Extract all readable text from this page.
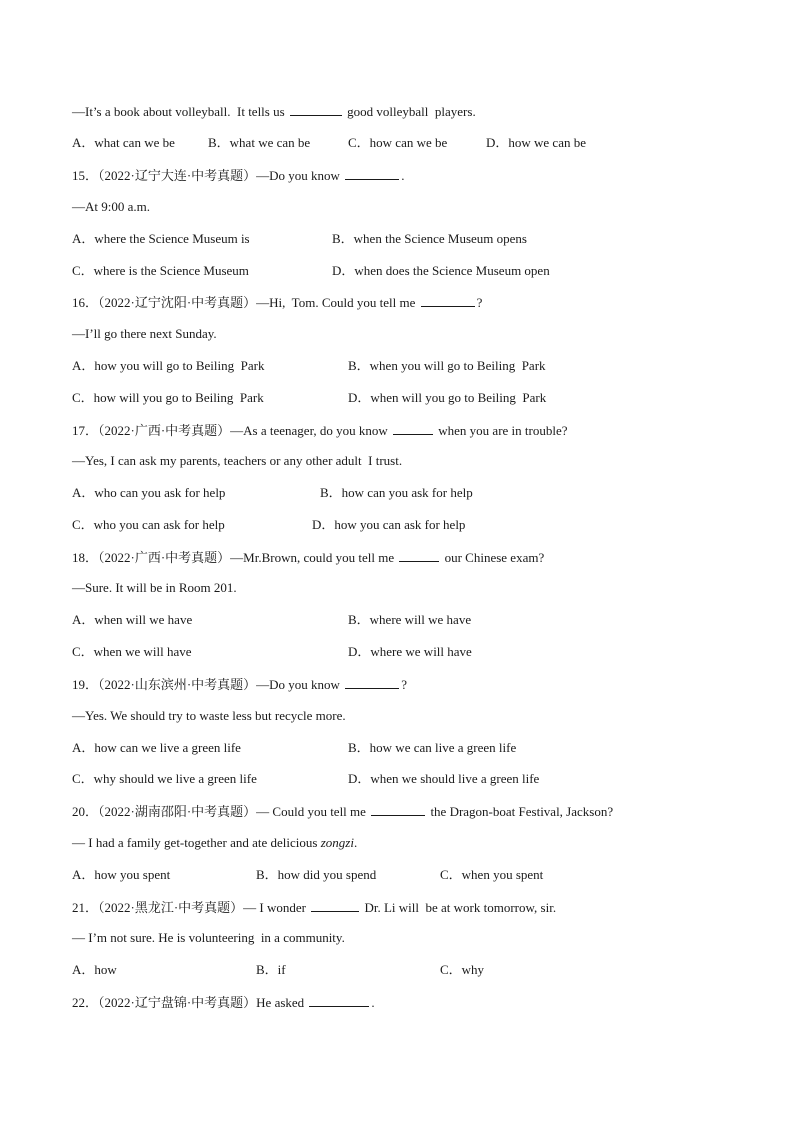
—It’s a book about volleyball.  It tells us	good volleyball  players.
A．what can we be	B．what we can be	C．how can we be	D．how we can be
15．（2022·辽宁大连·中考真题）—Do you know	.
—At 9:00 a.m.
A．where the Science Museum is	B．when the Science Museum opens
C．where is the Science Museum	D．when does the Science Museum open
16．（2022·辽宁沈阳·中考真题）—Hi,  Tom. Could you tell me	?
—I’ll go there next Sunday.
A．how you will go to Beiling  Park	B．when you will go to Beiling  Park
C．how will you go to Beiling  Park	D．when will you go to Beiling  Park
17．（2022·广西·中考真题）—As a teenager, do you know	when you are in trouble?
—Yes, I can ask my parents, teachers or any other adult  I trust.
A．who can you ask for help	B．how can you ask for help
C．who you can ask for help	D．how you can ask for help
18．（2022·广西·中考真题）—Mr.Brown, could you tell me	our Chinese exam?
—Sure. It will be in Room 201.
A．when will we have	B．where will we have
C．when we will have	D．where we will have
19．（2022·山东滨州·中考真题）—Do you know	?
—Yes. We should try to waste less but recycle more.
A．how can we live a green life	B．how we can live a green life
C．why should we live a green life	D．when we should live a green life
20．（2022·湖南邵阳·中考真题）— Could you tell me	the Dragon-boat Festival, Jackson?
— I had a family get-together and ate delicious zongzi.
A．how you spent	B．how did you spend	C．when you spent
21．（2022·黑龙江·中考真题）— I wonder	Dr. Li will  be at work tomorrow, sir.
— I’m not sure. He is volunteering  in a community.
A．how	B．if	C．why
22．（2022·辽宁盘锦·中考真题）He asked	.
